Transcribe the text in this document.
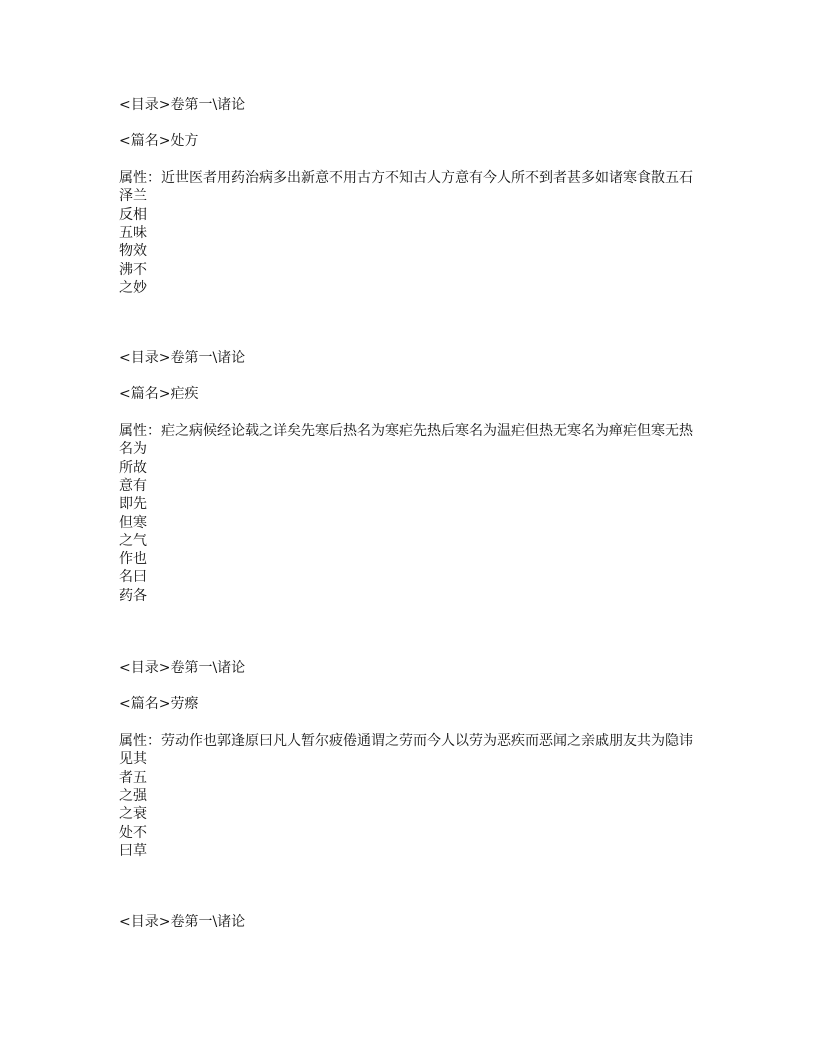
<目录>卷第一\诸论
<篇名>处方
属性：近世医者用药治病多出新意不用古方不知古人方意有今人所不到者甚多如诸寒食散五石
泽兰
反相
五味
物效
沸不
之妙
<目录>卷第一\诸论
<篇名>疟疾
属性：疟之病候经论载之详矣先寒后热名为寒疟先热后寒名为温疟但热无寒名为瘅疟但寒无热
名为
所故
意有
即先
但寒
之气
作也
名曰
药各
<目录>卷第一\诸论
<篇名>劳瘵
属性：劳动作也郭逢原曰凡人暂尔疲倦通谓之劳而今人以劳为恶疾而恶闻之亲戚朋友共为隐讳
见其
者五
之强
之衰
处不
曰草
<目录>卷第一\诸论
